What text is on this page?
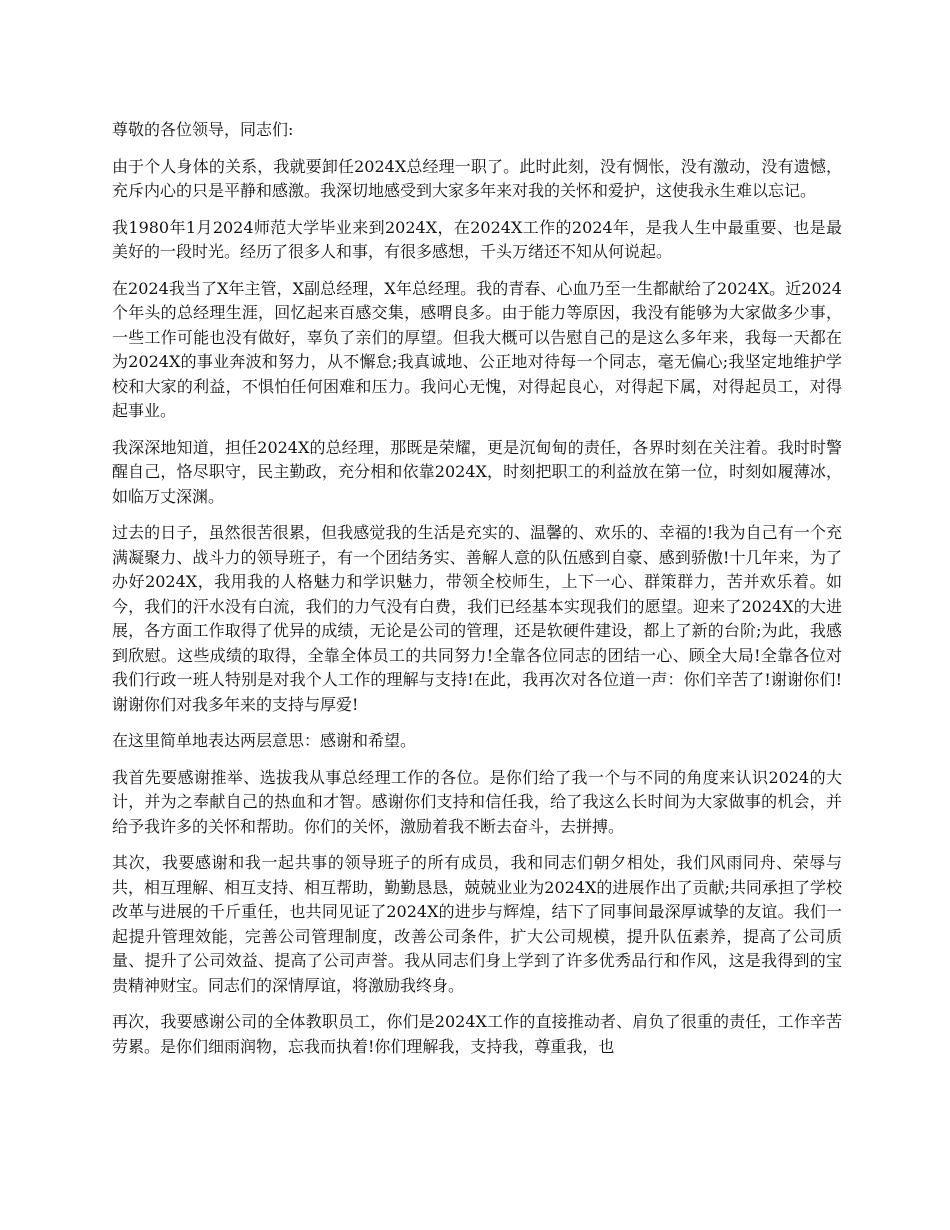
尊敬的各位领导，同志们:

由于个人身体的关系，我就要卸任2024X总经理一职了。此时此刻，没有惆怅，没有激动，没有遗憾，充斥内心的只是平静和感激。我深切地感受到大家多年来对我的关怀和爱护，这使我永生难以忘记。

我1980年1月2024师范大学毕业来到2024X，在2024X工作的2024年，是我人生中最重要、也是最美好的一段时光。经历了很多人和事，有很多感想，千头万绪还不知从何说起。

在2024我当了X年主管，X副总经理，X年总经理。我的青春、心血乃至一生都献给了2024X。近2024个年头的总经理生涯，回忆起来百感交集，感喟良多。由于能力等原因，我没有能够为大家做多少事，一些工作可能也没有做好，辜负了亲们的厚望。但我大概可以告慰自己的是这么多年来，我每一天都在为2024X的事业奔波和努力，从不懈怠;我真诚地、公正地对待每一个同志，毫无偏心;我坚定地维护学校和大家的利益，不惧怕任何困难和压力。我问心无愧，对得起良心，对得起下属，对得起员工，对得起事业。

我深深地知道，担任2024X的总经理，那既是荣耀，更是沉甸甸的责任，各界时刻在关注着。我时时警醒自己，恪尽职守，民主勤政，充分相和依靠2024X，时刻把职工的利益放在第一位，时刻如履薄冰，如临万丈深渊。

过去的日子，虽然很苦很累，但我感觉我的生活是充实的、温馨的、欢乐的、幸福的!我为自己有一个充满凝聚力、战斗力的领导班子，有一个团结务实、善解人意的队伍感到自豪、感到骄傲!十几年来，为了办好2024X，我用我的人格魅力和学识魅力，带领全校师生，上下一心、群策群力，苦并欢乐着。如今，我们的汗水没有白流，我们的力气没有白费，我们已经基本实现我们的愿望。迎来了2024X的大进展，各方面工作取得了优异的成绩，无论是公司的管理，还是软硬件建设，都上了新的台阶;为此，我感到欣慰。这些成绩的取得，全靠全体员工的共同努力!全靠各位同志的团结一心、顾全大局!全靠各位对我们行政一班人特别是对我个人工作的理解与支持!在此，我再次对各位道一声：你们辛苦了!谢谢你们!谢谢你们对我多年来的支持与厚爱!

在这里简单地表达两层意思：感谢和希望。

我首先要感谢推举、选拔我从事总经理工作的各位。是你们给了我一个与不同的角度来认识2024的大计，并为之奉献自己的热血和才智。感谢你们支持和信任我，给了我这么长时间为大家做事的机会，并给予我许多的关怀和帮助。你们的关怀，激励着我不断去奋斗，去拼搏。

其次，我要感谢和我一起共事的领导班子的所有成员，我和同志们朝夕相处，我们风雨同舟、荣辱与共，相互理解、相互支持、相互帮助，勤勤恳恳，兢兢业业为2024X的进展作出了贡献;共同承担了学校改革与进展的千斤重任，也共同见证了2024X的进步与辉煌，结下了同事间最深厚诚挚的友谊。我们一起提升管理效能，完善公司管理制度，改善公司条件，扩大公司规模，提升队伍素养，提高了公司质量、提升了公司效益、提高了公司声誉。我从同志们身上学到了许多优秀品行和作风，这是我得到的宝贵精神财宝。同志们的深情厚谊，将激励我终身。

再次，我要感谢公司的全体教职员工，你们是2024X工作的直接推动者、肩负了很重的责任，工作辛苦劳累。是你们细雨润物，忘我而执着!你们理解我，支持我，尊重我，也
